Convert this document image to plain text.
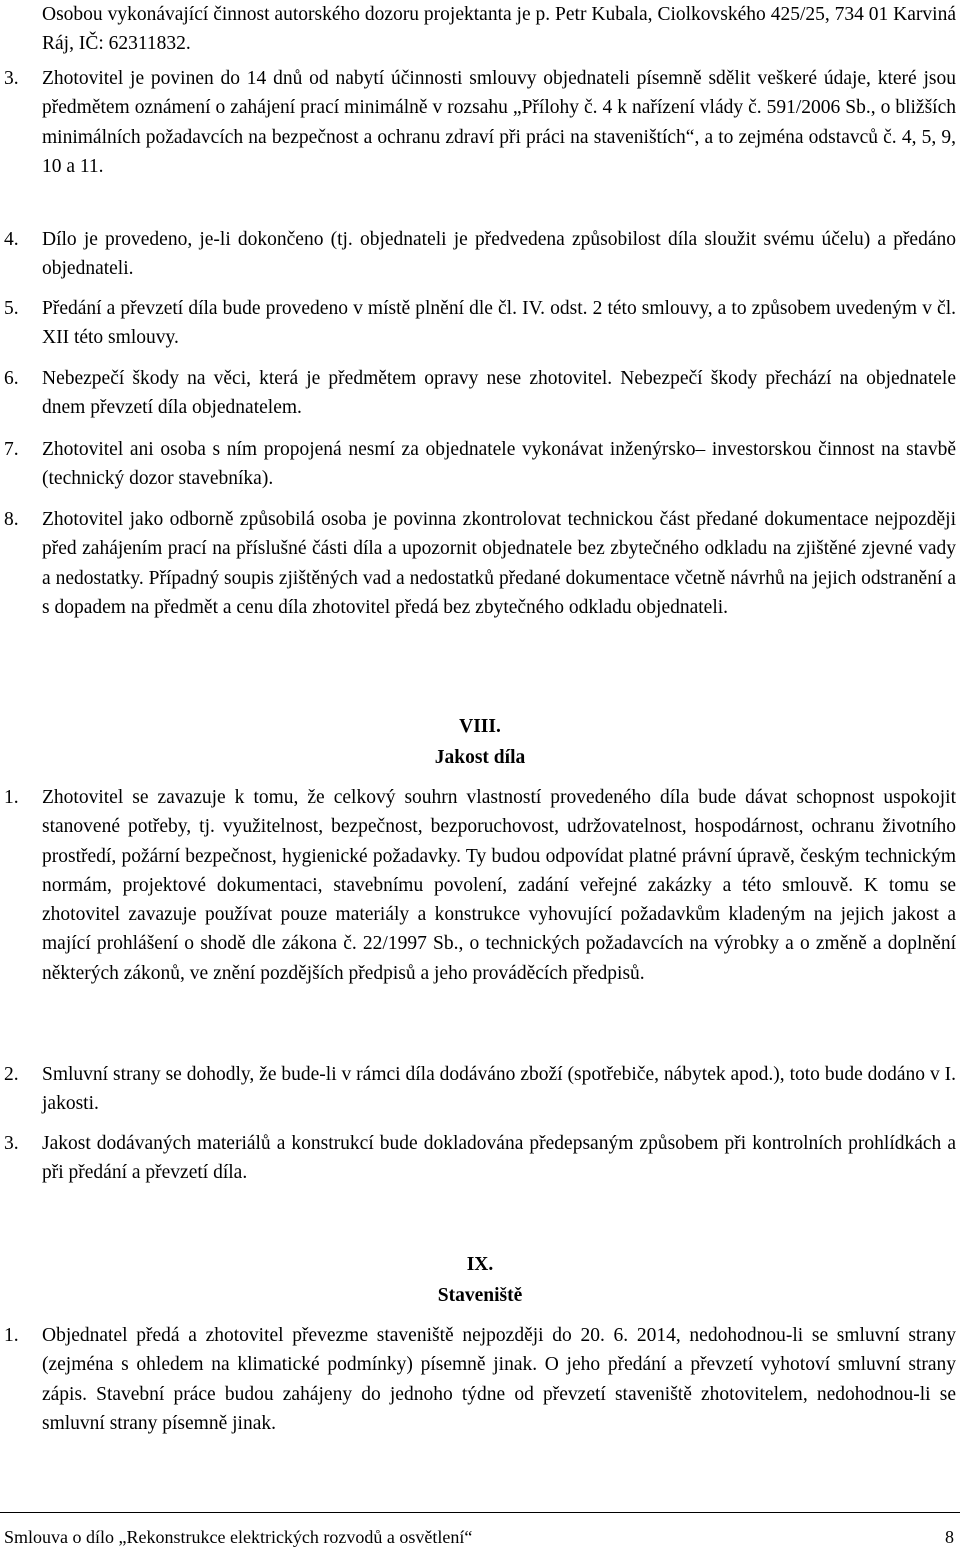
Osobou vykonávající činnost autorského dozoru projektanta je p. Petr Kubala, Ciolkovského 425/25, 734 01 Karviná Ráj, IČ: 62311832.
3. Zhotovitel je povinen do 14 dnů od nabytí účinnosti smlouvy objednateli písemně sdělit veškeré údaje, které jsou předmětem oznámení o zahájení prací minimálně v rozsahu „Přílohy č. 4 k nařízení vlády č. 591/2006 Sb., o bližších minimálních požadavcích na bezpečnost a ochranu zdraví při práci na staveništích“, a to zejména odstavců č. 4, 5, 9, 10 a 11.
4. Dílo je provedeno, je-li dokončeno (tj. objednateli je předvedena způsobilost díla sloužit svému účelu) a předáno objednateli.
5. Předání a převzetí díla bude provedeno v místě plnění dle čl. IV. odst. 2 této smlouvy, a to způsobem uvedeným v čl. XII této smlouvy.
6. Nebezpečí škody na věci, která je předmětem opravy nese zhotovitel. Nebezpečí škody přechází na objednatele dnem převzetí díla objednatelem.
7. Zhotovitel ani osoba s ním propojená nesmí za objednatele vykonávat inženýrsko– investorskou činnost na stavbě (technický dozor stavebníka).
8. Zhotovitel jako odborně způsobilá osoba je povinna zkontrolovat technickou část předané dokumentace nejpozději před zahájením prací na příslušné části díla a upozornit objednatele bez zbytečného odkladu na zjištěné zjevné vady a nedostatky. Případný soupis zjištěných vad a nedostatků předané dokumentace včetně návrhů na jejich odstranění a s dopadem na předmět a cenu díla zhotovitel předá bez zbytečného odkladu objednateli.
VIII.
Jakost díla
1. Zhotovitel se zavazuje k tomu, že celkový souhrn vlastností provedeného díla bude dávat schopnost uspokojit stanovené potřeby, tj. využitelnost, bezpečnost, bezporuchovost, udržovatelnost, hospodárnost, ochranu životního prostředí, požární bezpečnost, hygienické požadavky. Ty budou odpovídat platné právní úpravě, českým technickým normám, projektové dokumentaci, stavebnímu povolení, zadání veřejné zakázky a této smlouvě. K tomu se zhotovitel zavazuje používat pouze materiály a konstrukce vyhovující požadavkům kladeným na jejich jakost a mající prohlášení o shodě dle zákona č. 22/1997 Sb., o technických požadavcích na výrobky a o změně a doplnění některých zákonů, ve znění pozdějších předpisů a jeho prováděcích předpisů.
2. Smluvní strany se dohodly, že bude-li v rámci díla dodáváno zboží (spotřebiče, nábytek apod.), toto bude dodáno v I. jakosti.
3. Jakost dodávaných materiálů a konstrukcí bude dokladována předepsaným způsobem při kontrolních prohlídkách a při předání a převzetí díla.
IX.
Staveniště
1. Objednatel předá a zhotovitel převezme staveniště nejpozději do 20. 6. 2014, nedohodnou-li se smluvní strany (zejména s ohledem na klimatické podmínky) písemně jinak. O jeho předání a převzetí vyhotoví smluvní strany zápis. Stavební práce budou zahájeny do jednoho týdne od převzetí staveniště zhotovitelem, nedohodnou-li se smluvní strany písemně jinak.
Smlouva o dílo „Rekonstrukce elektrických rozvodů a osvětlení“	8
